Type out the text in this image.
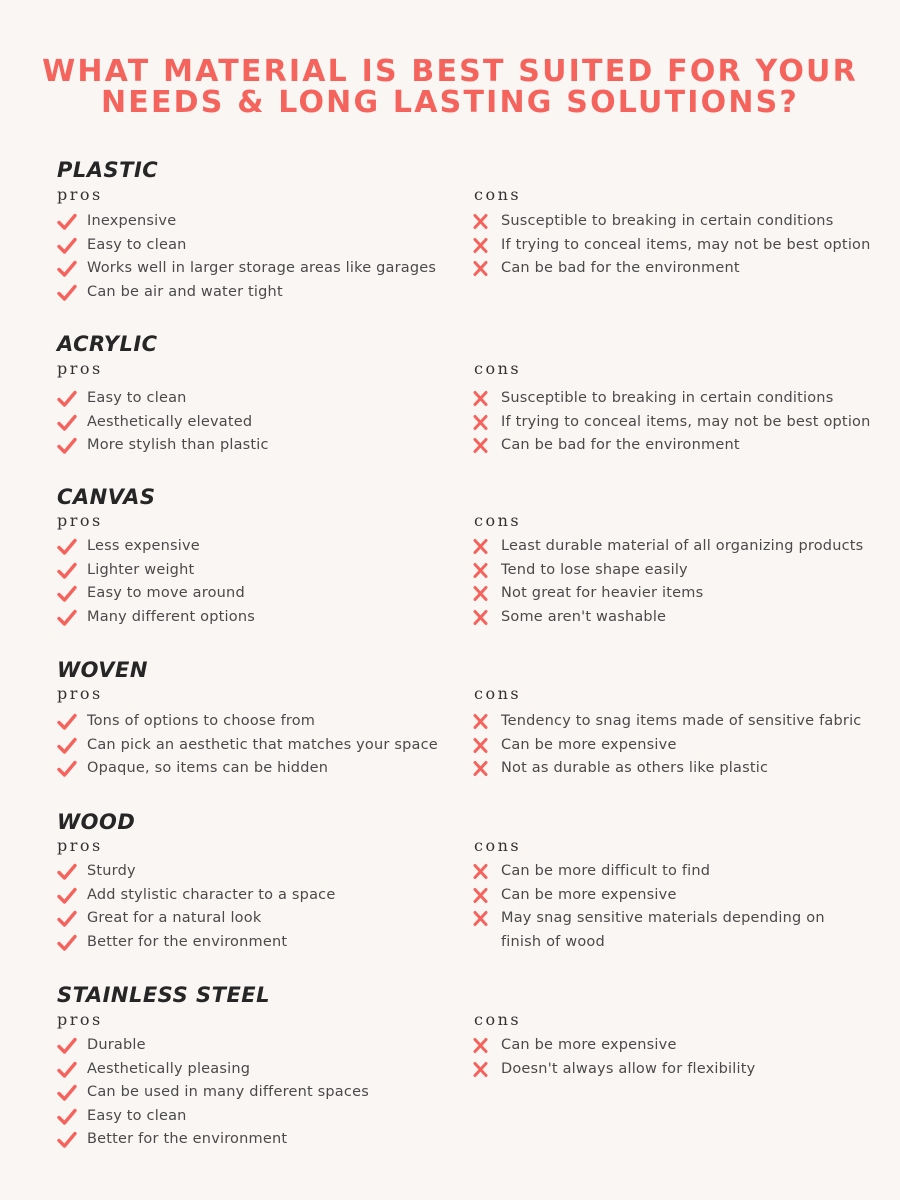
WHAT MATERIAL IS BEST SUITED FOR YOUR
NEEDS & LONG LASTING SOLUTIONS?
PLASTIC
pros	cons
Inexpensive
Easy to clean
Works well in larger storage areas like garages
Can be air and water tight
Susceptible to breaking in certain conditions
If trying to conceal items, may not be best option
Can be bad for the environment
ACRYLIC
pros	cons
Easy to clean
Aesthetically elevated
More stylish than plastic
Susceptible to breaking in certain conditions
If trying to conceal items, may not be best option
Can be bad for the environment
CANVAS
pros	cons
Less expensive
Lighter weight
Easy to move around
Many different options
Least durable material of all organizing products
Tend to lose shape easily
Not great for heavier items
Some aren't washable
WOVEN
pros	cons
Tons of options to choose from
Can pick an aesthetic that matches your space
Opaque, so items can be hidden
Tendency to snag items made of sensitive fabric
Can be more expensive
Not as durable as others like plastic
WOOD
pros	cons
Sturdy
Add stylistic character to a space
Great for a natural look
Better for the environment
Can be more difficult to find
Can be more expensive
May snag sensitive materials depending on finish of wood
STAINLESS STEEL
pros	cons
Durable
Aesthetically pleasing
Can be used in many different spaces
Easy to clean
Better for the environment
Can be more expensive
Doesn't always allow for flexibility
